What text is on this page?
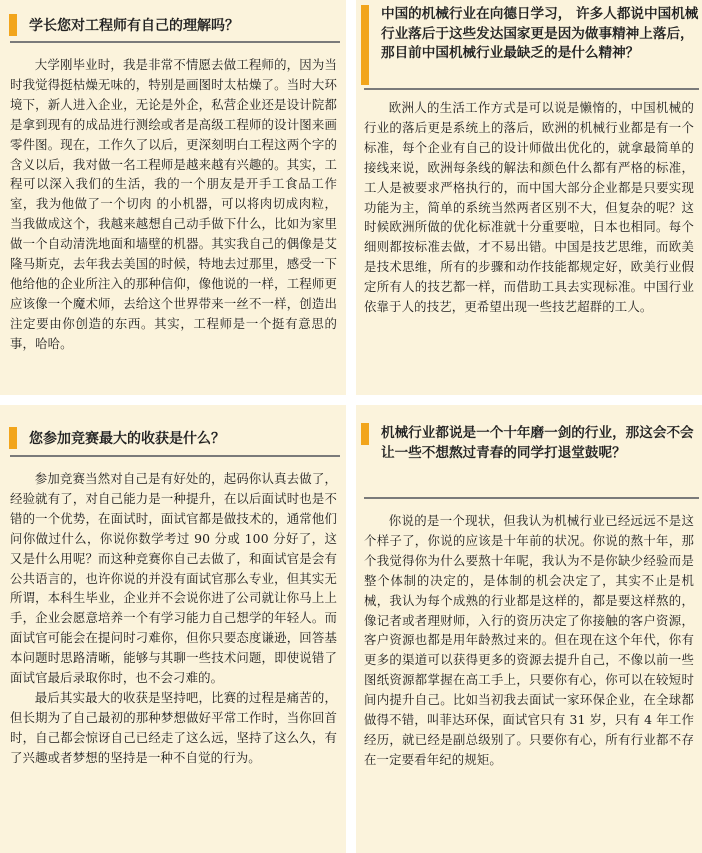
学长您对工程师有自己的理解吗？

大学刚毕业时，我是非常不情愿去做工程师的，因为当时我觉得挺枯燥无味的，特别是画图时太枯燥了。当时大环境下，新人进入企业，无论是外企，私营企业还是设计院都是拿到现有的成品进行测绘或者是高级工程师的设计图来画零件图。现在，工作久了以后，更深刻明白工程这两个字的含义以后，我对做一名工程师是越来越有兴趣的。其实，工程可以深入我们的生活，我的一个朋友是开手工食品工作室，我为他做了一个切肉 的小机器，可以将肉切成肉粒，当我做成这个，我越来越想自己动手做下什么，比如为家里做一个自动清洗地面和墙壁的机器。其实我自己的偶像是艾隆马斯克，去年我去美国的时候，特地去过那里，感受一下他给他的企业所注入的那种信仰，像他说的一样，工程师更应该像一个魔术师，去给这个世界带来一丝不一样，创造出注定要由你创造的东西。其实，工程师是一个挺有意思的事，哈哈。

中国的机械行业在向德日学习， 许多人都说中国机械行业落后于这些发达国家更是因为做事精神上落后， 那目前中国机械行业最缺乏的是什么精神？

欧洲人的生活工作方式是可以说是懒惰的，中国机械的行业的落后更是系统上的落后，欧洲的机械行业都是有一个标准，每个企业有自己的设计师做出优化的，就拿最简单的接线来说，欧洲每条线的解法和颜色什么都有严格的标准，工人是被要求严格执行的，而中国大部分企业都是只要实现功能为主，简单的系统当然两者区别不大，但复杂的呢？这时候欧洲所做的优化标准就十分重要啦，日本也相同。每个细则都按标准去做，才不易出错。中国是技艺思维，而欧美是技术思维，所有的步骤和动作技能都规定好，欧美行业假定所有人的技艺都一样，而借助工具去实现标准。中国行业依靠于人的技艺，更希望出现一些技艺超群的工人。

您参加竞赛最大的收获是什么？

参加竞赛当然对自己是有好处的，起码你认真去做了，经验就有了，对自己能力是一种提升，在以后面试时也是不错的一个优势，在面试时，面试官都是做技术的，通常他们问你做过什么，你说你数学考过 90 分或 100 分好了，这又是什么用呢？而这种竞赛你自己去做了，和面试官是会有公共语言的，也许你说的并没有面试官那么专业，但其实无所谓，本科生毕业，企业并不会说你进了公司就让你马上上手，企业会愿意培养一个有学习能力自己想学的年轻人。而面试官可能会在提问时刁难你，但你只要态度谦逊，回答基本问题时思路清晰，能够与其聊一些技术问题，即使说错了面试官最后录取你时，也不会刁难的。

最后其实最大的收获是坚持吧，比赛的过程是痛苦的，但长期为了自己最初的那种梦想做好平常工作时，当你回首时，自己都会惊讶自己已经走了这么远，坚持了这么久，有了兴趣或者梦想的坚持是一种不自觉的行为。

机械行业都说是一个十年磨一剑的行业，那这会不会让一些不想熬过青春的同学打退堂鼓呢？

你说的是一个现状，但我认为机械行业已经远远不是这个样子了，你说的应该是十年前的状况。你说的熬十年，那个我觉得你为什么要熬十年呢，我认为不是你缺少经验而是整个体制的决定的，是体制的机会决定了，其实不止是机械，我认为每个成熟的行业都是这样的，都是要这样熬的，像记者或者理财师，入行的资历决定了你接触的客户资源，客户资源也都是用年龄熬过来的。但在现在这个年代，你有更多的渠道可以获得更多的资源去提升自己，不像以前一些图纸资源都掌握在高工手上，只要你有心，你可以在较短时间内提升自己。比如当初我去面试一家环保企业，在全球都做得不错，叫菲达环保，面试官只有 31 岁，只有 4 年工作经历，就已经是副总级别了。只要你有心，所有行业都不存在一定要看年纪的规矩。
